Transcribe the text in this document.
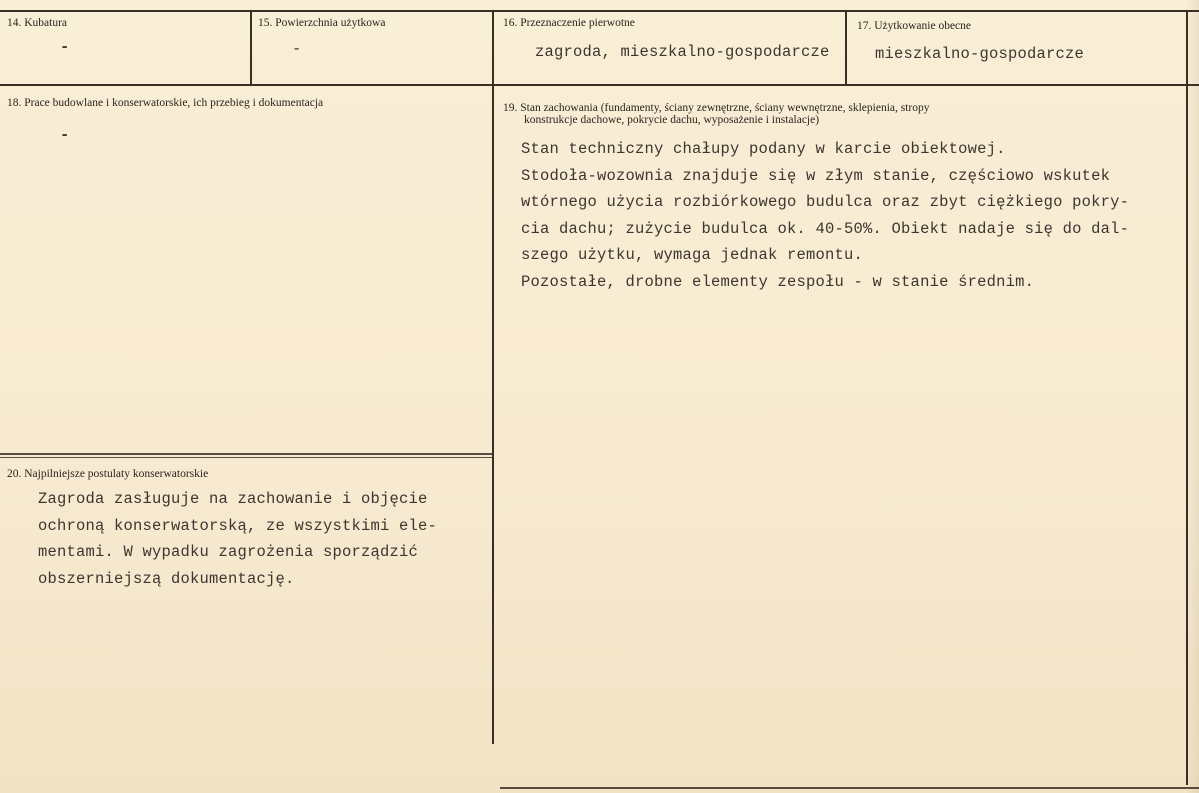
14. Kubatura
-
15. Powierzchnia użytkowa
-
16. Przeznaczenie pierwotne
zagroda, mieszkalno-gospodarcze
17. Użytkowanie obecne
mieszkalno-gospodarcze
18. Prace budowlane i konserwatorskie, ich przebieg i dokumentacja
-
19. Stan zachowania (fundamenty, ściany zewnętrzne, ściany wewnętrzne, sklepienia, stropy
konstrukcje dachowe, pokrycie dachu, wyposażenie i instalacje)
Stan techniczny chałupy podany w karcie obiektowej.
Stodoła-wozownia znajduje się w złym stanie, częściowo wskutek
wtórnego użycia rozbiórkowego budulca oraz zbyt ciężkiego pokry-
cia dachu; zużycie budulca ok. 40-50%. Obiekt nadaje się do dal-
szego użytku, wymaga jednak remontu.
Pozostałe, drobne elementy zespołu - w stanie średnim.
20. Najpilniejsze postulaty konserwatorskie
Zagroda zasługuje na zachowanie i objęcie
ochroną konserwatorską, ze wszystkimi ele-
mentami. W wypadku zagrożenia sporządzić
obszerniejszą dokumentację.
